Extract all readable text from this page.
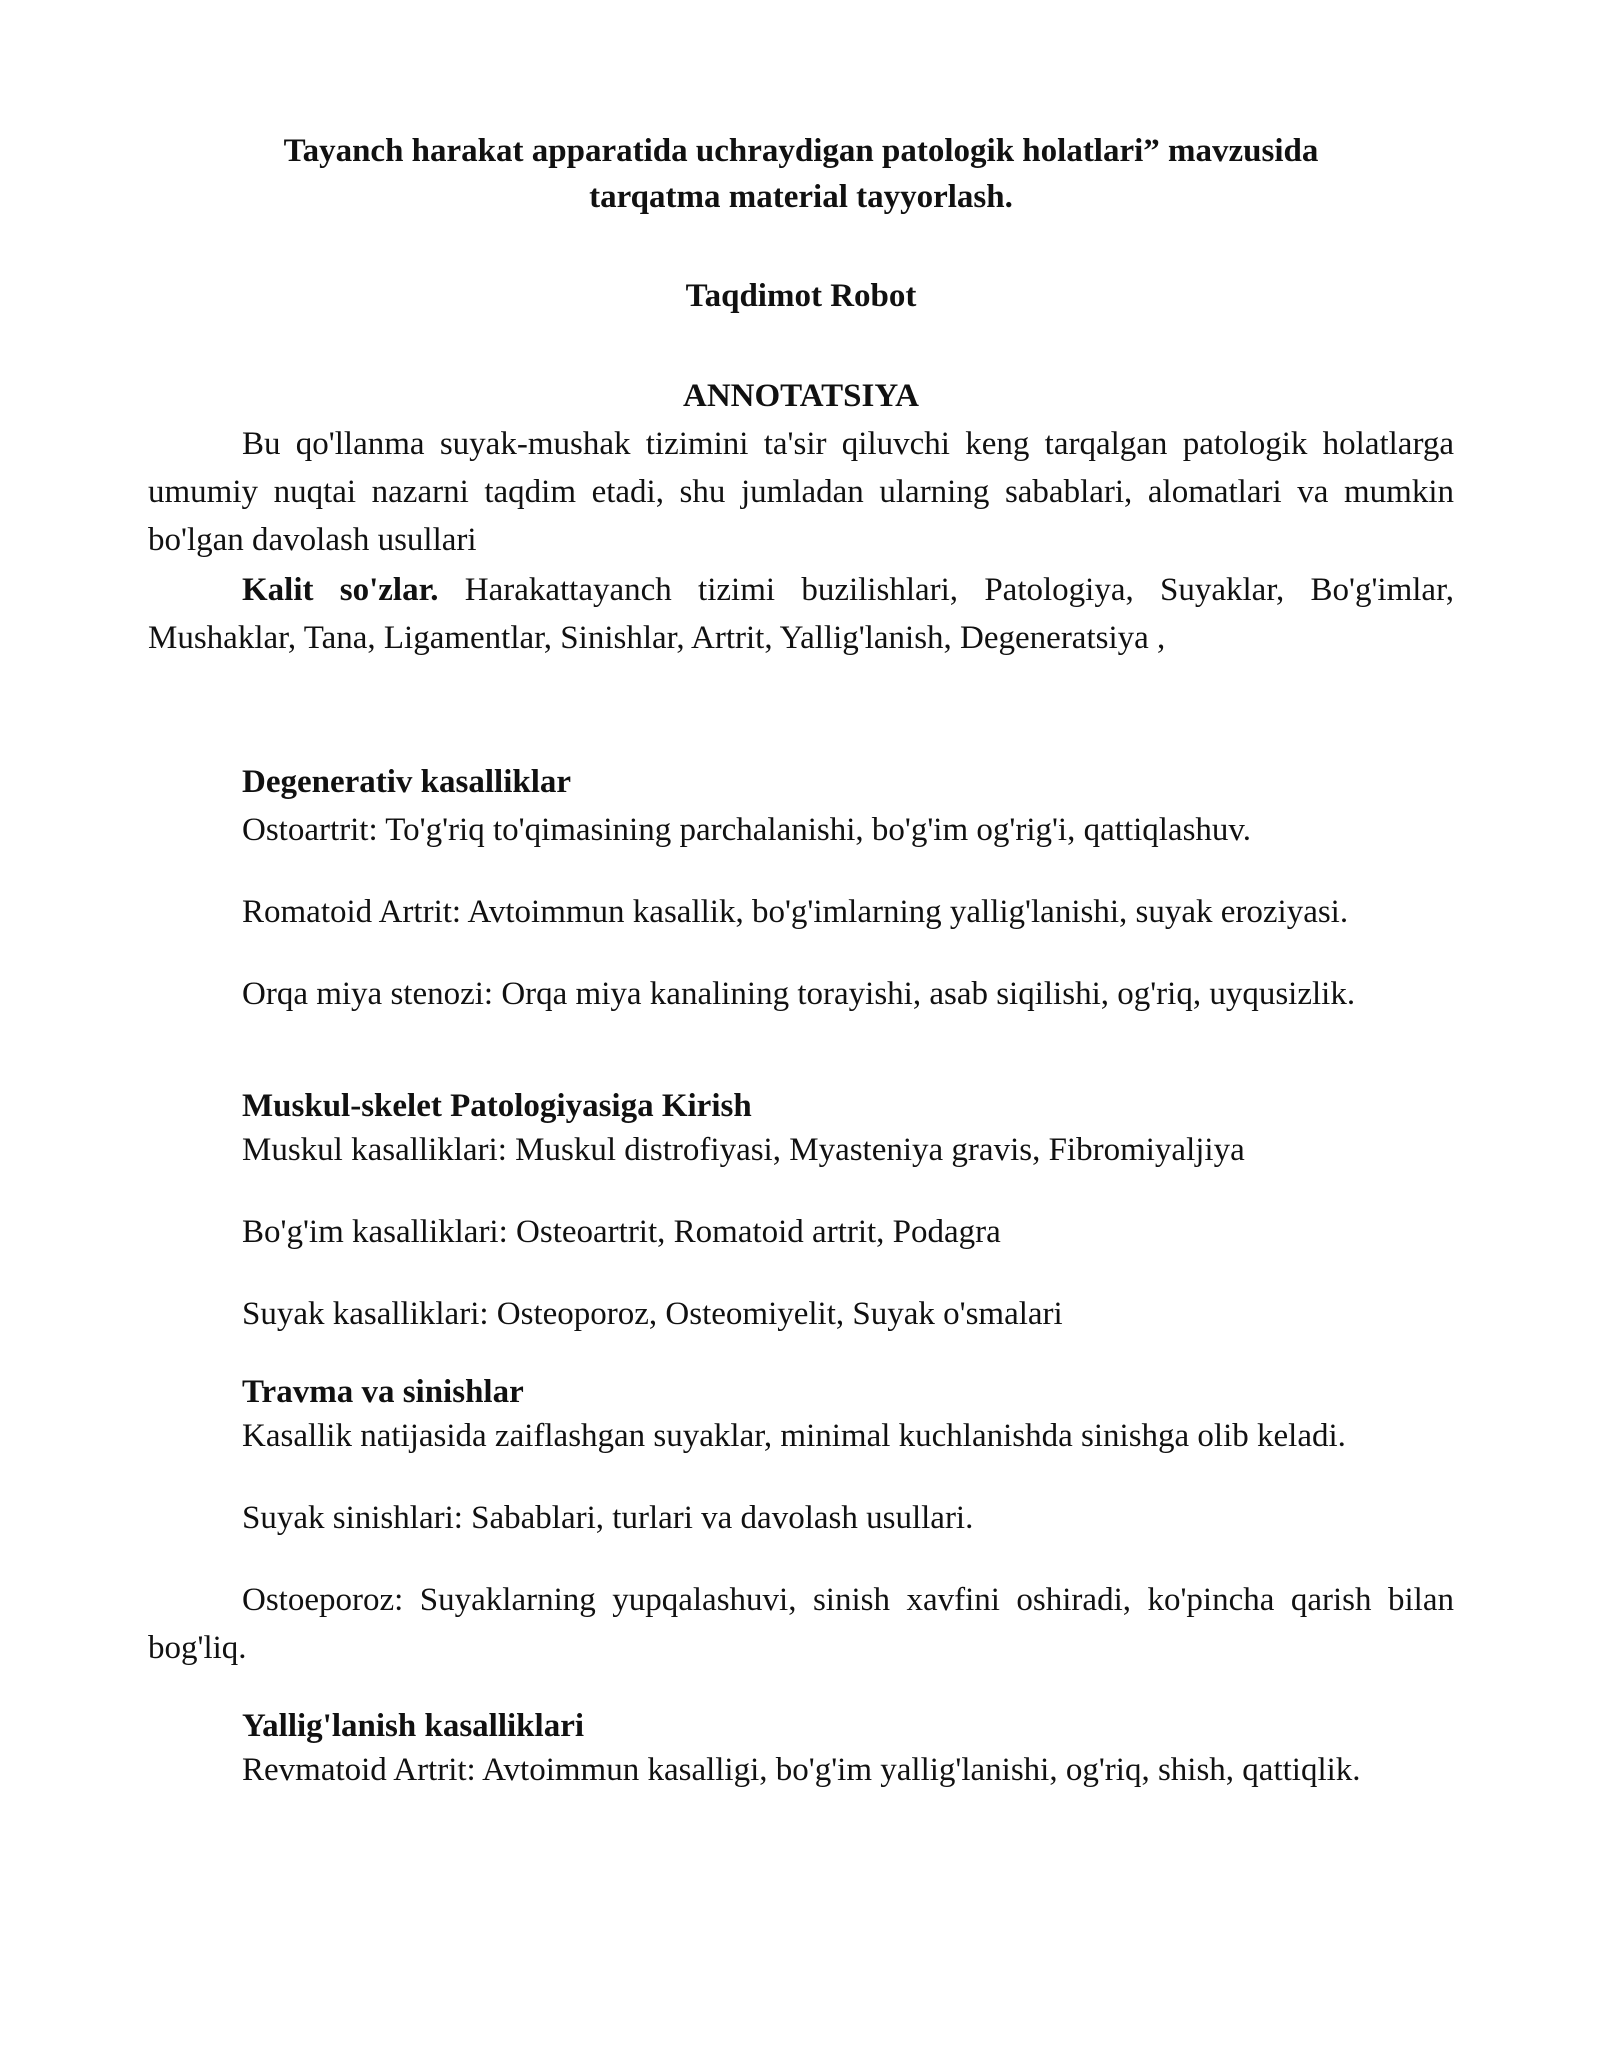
Tayanch harakat apparatida uchraydigan patologik holatlari” mavzusida
tarqatma material tayyorlash.

Taqdimot Robot

ANNOTATSIYA

Bu qo'llanma suyak-mushak tizimini ta'sir qiluvchi keng tarqalgan patologik holatlarga umumiy nuqtai nazarni taqdim etadi, shu jumladan ularning sabablari, alomatlari va mumkin bo'lgan davolash usullari

Kalit so'zlar. Harakattayanch tizimi buzilishlari, Patologiya, Suyaklar, Bo'g'imlar, Mushaklar, Tana, Ligamentlar, Sinishlar, Artrit, Yallig'lanish, Degeneratsiya ,

Degenerativ kasalliklar

Ostoartrit: To'g'riq to'qimasining parchalanishi, bo'g'im og'rig'i, qattiqlashuv.

Romatoid Artrit: Avtoimmun kasallik, bo'g'imlarning yallig'lanishi, suyak eroziyasi.

Orqa miya stenozi: Orqa miya kanalining torayishi, asab siqilishi, og'riq, uyqusizlik.

Muskul-skelet Patologiyasiga Kirish

Muskul kasalliklari: Muskul distrofiyasi, Myasteniya gravis, Fibromiyaljiya

Bo'g'im kasalliklari: Osteoartrit, Romatoid artrit, Podagra

Suyak kasalliklari: Osteoporoz, Osteomiyelit, Suyak o'smalari

Travma va sinishlar

Kasallik natijasida zaiflashgan suyaklar, minimal kuchlanishda sinishga olib keladi.

Suyak sinishlari: Sabablari, turlari va davolash usullari.

Ostoeporoz: Suyaklarning yupqalashuvi, sinish xavfini oshiradi, ko'pincha qarish bilan bog'liq.

Yallig'lanish kasalliklari

Revmatoid Artrit: Avtoimmun kasalligi, bo'g'im yallig'lanishi, og'riq, shish, qattiqlik.
